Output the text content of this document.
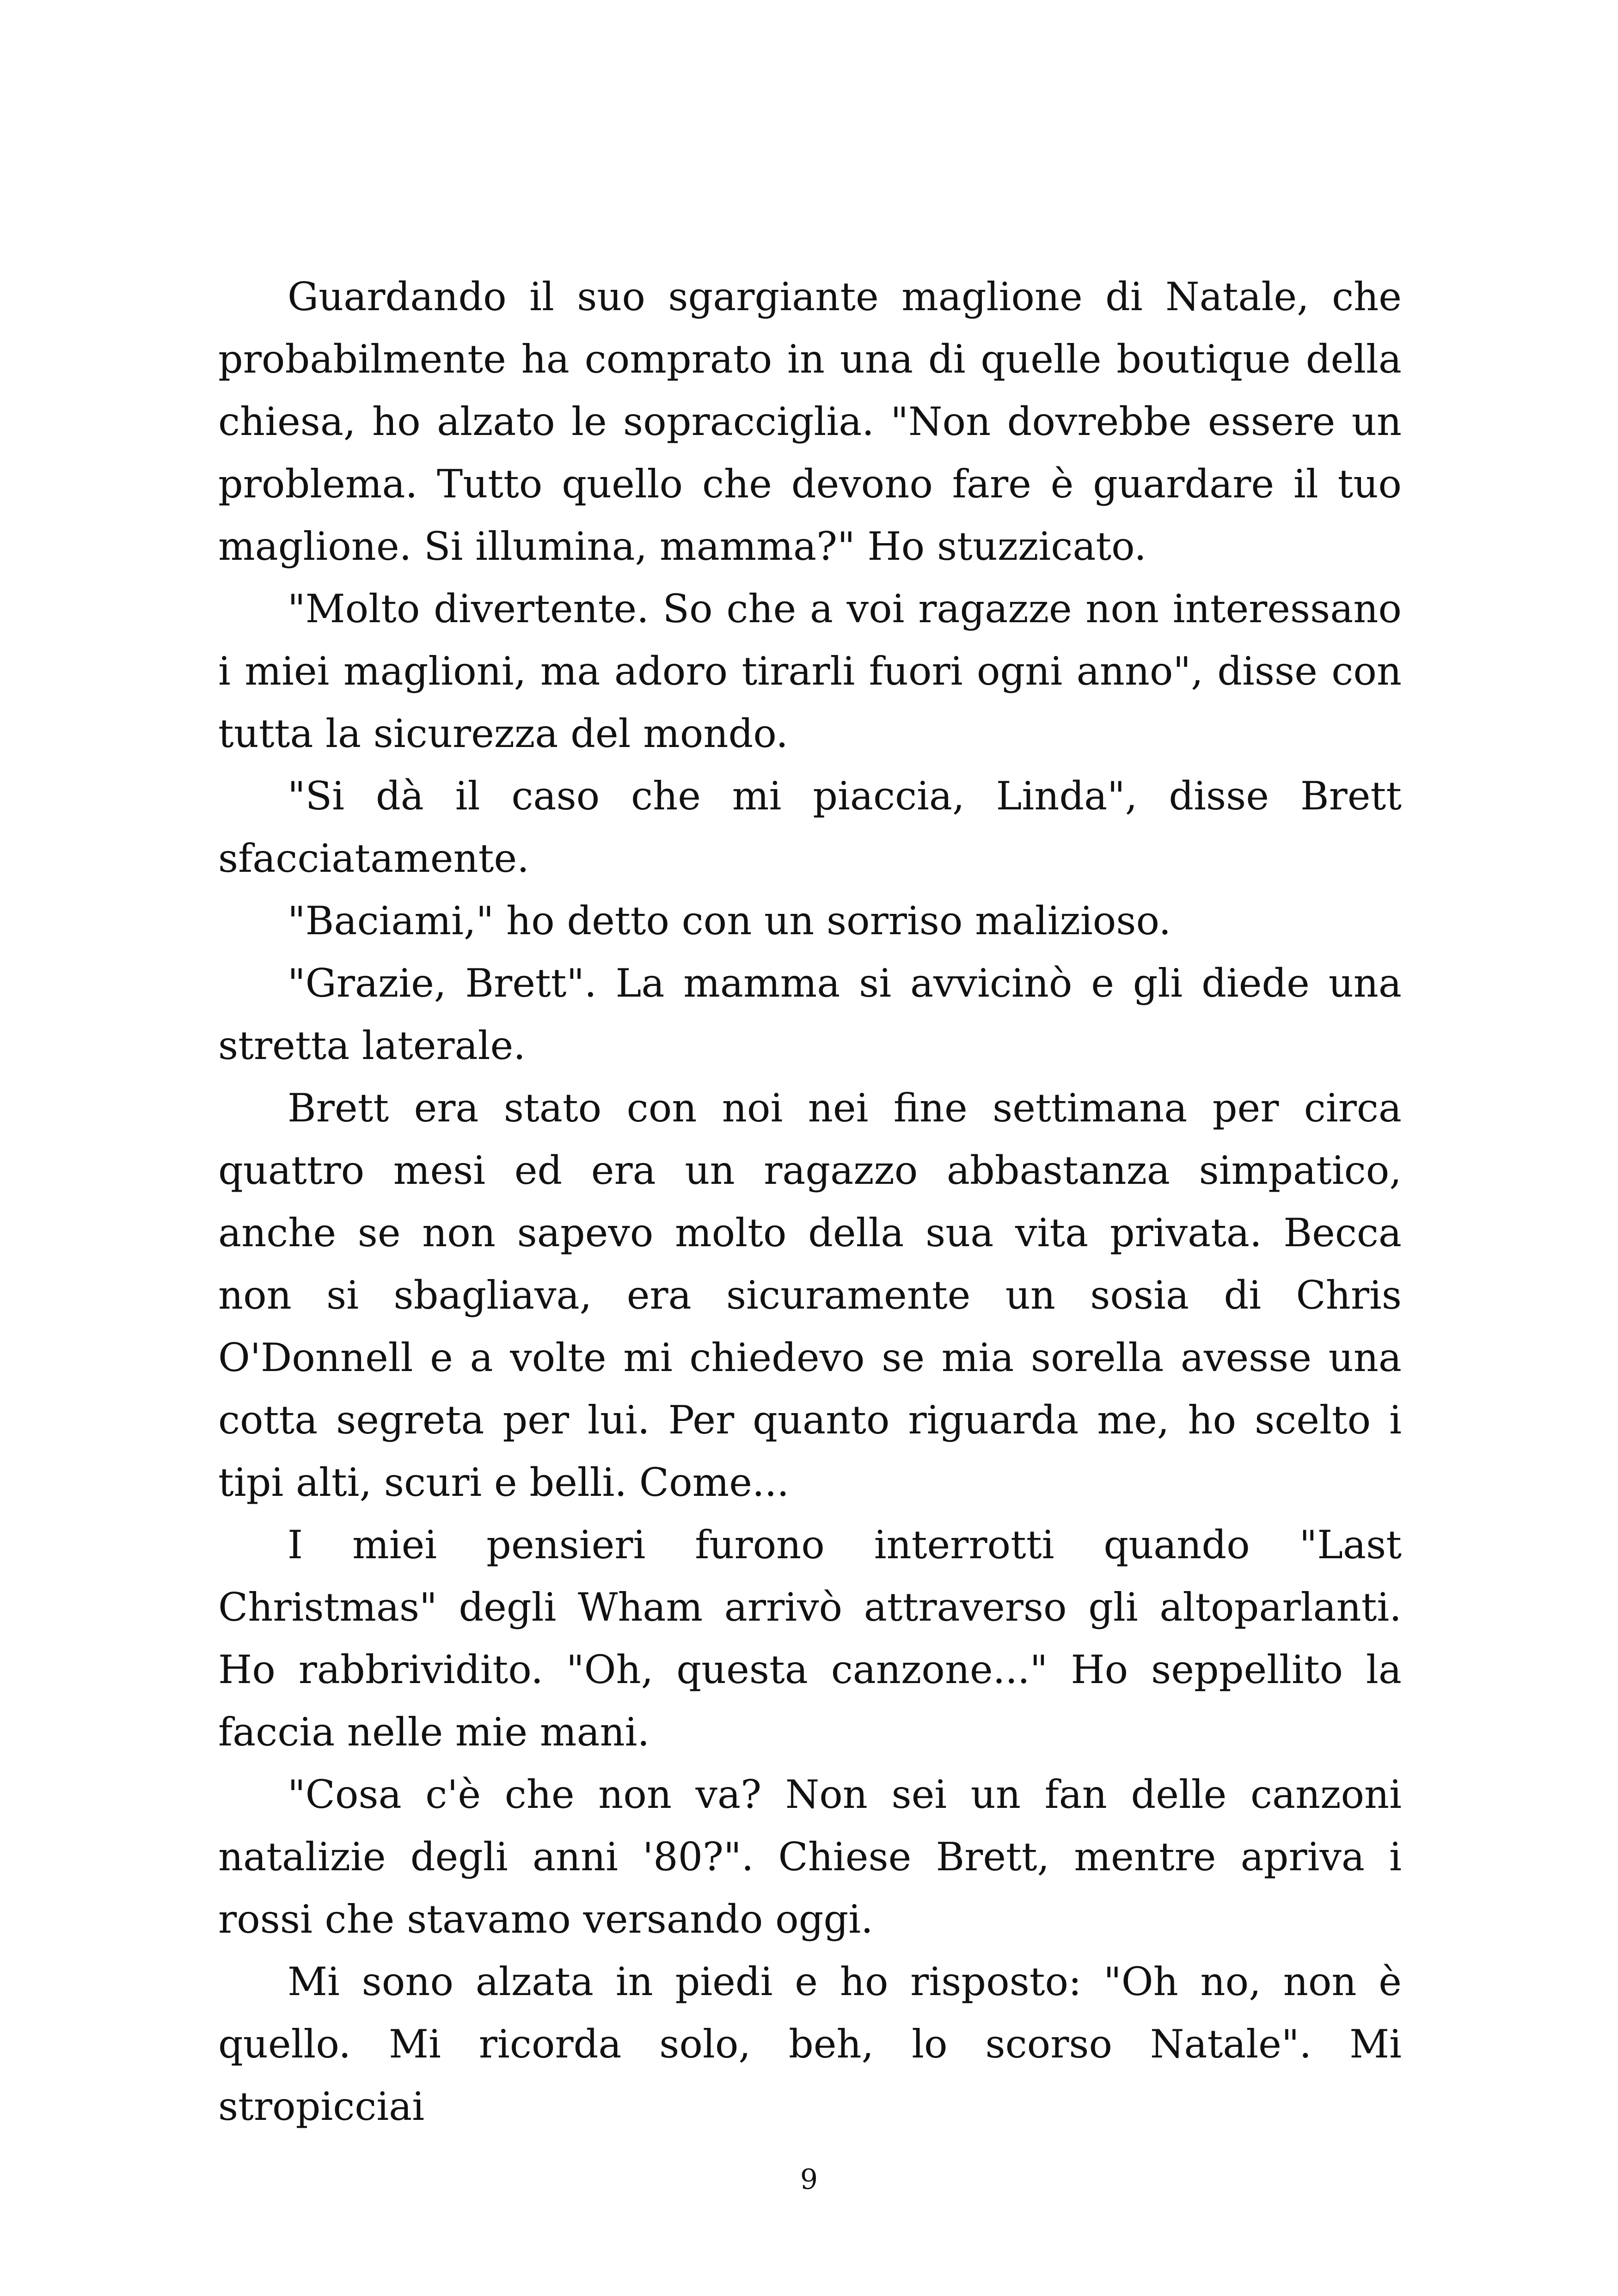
Guardando il suo sgargiante maglione di Natale, che probabilmente ha comprato in una di quelle boutique della chiesa, ho alzato le sopracciglia. "Non dovrebbe essere un problema. Tutto quello che devono fare è guardare il tuo maglione. Si illumina, mamma?" Ho stuzzicato.

"Molto divertente. So che a voi ragazze non interessano i miei maglioni, ma adoro tirarli fuori ogni anno", disse con tutta la sicurezza del mondo.

"Si dà il caso che mi piaccia, Linda", disse Brett sfacciatamente.

"Baciami," ho detto con un sorriso malizioso.

"Grazie, Brett". La mamma si avvicinò e gli diede una stretta laterale.

Brett era stato con noi nei fine settimana per circa quattro mesi ed era un ragazzo abbastanza simpatico, anche se non sapevo molto della sua vita privata. Becca non si sbagliava, era sicuramente un sosia di Chris O'Donnell e a volte mi chiedevo se mia sorella avesse una cotta segreta per lui. Per quanto riguarda me, ho scelto i tipi alti, scuri e belli. Come...

I miei pensieri furono interrotti quando "Last Christmas" degli Wham arrivò attraverso gli altoparlanti. Ho rabbrividito. "Oh, questa canzone..." Ho seppellito la faccia nelle mie mani.

"Cosa c'è che non va? Non sei un fan delle canzoni natalizie degli anni '80?". Chiese Brett, mentre apriva i rossi che stavamo versando oggi.

Mi sono alzata in piedi e ho risposto: "Oh no, non è quello. Mi ricorda solo, beh, lo scorso Natale". Mi stropicciai

9
